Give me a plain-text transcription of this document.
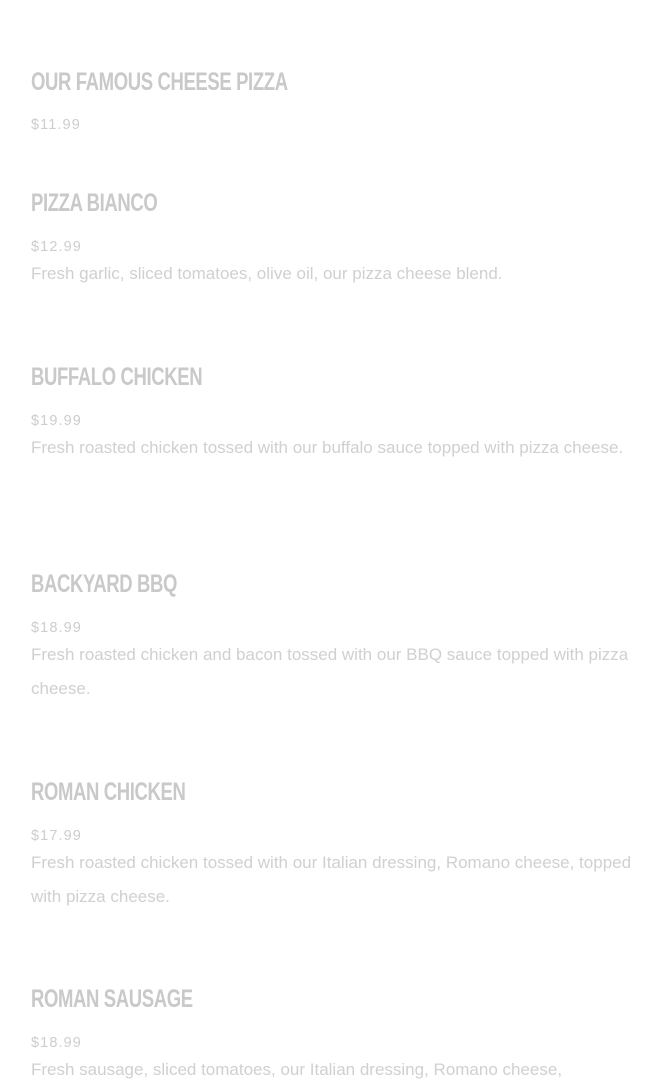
OUR FAMOUS CHEESE PIZZA

$11.99

PIZZA BIANCO

$12.99

Fresh garlic, sliced tomatoes, olive oil, our pizza cheese blend.

BUFFALO CHICKEN

$19.99

Fresh roasted chicken tossed with our buffalo sauce topped with pizza cheese.

BACKYARD BBQ

$18.99

Fresh roasted chicken and bacon tossed with our BBQ sauce topped with pizza cheese.

ROMAN CHICKEN

$17.99

Fresh roasted chicken tossed with our Italian dressing, Romano cheese, topped with pizza cheese.

ROMAN SAUSAGE

$18.99

Fresh sausage, sliced tomatoes, our Italian dressing, Romano cheese,
